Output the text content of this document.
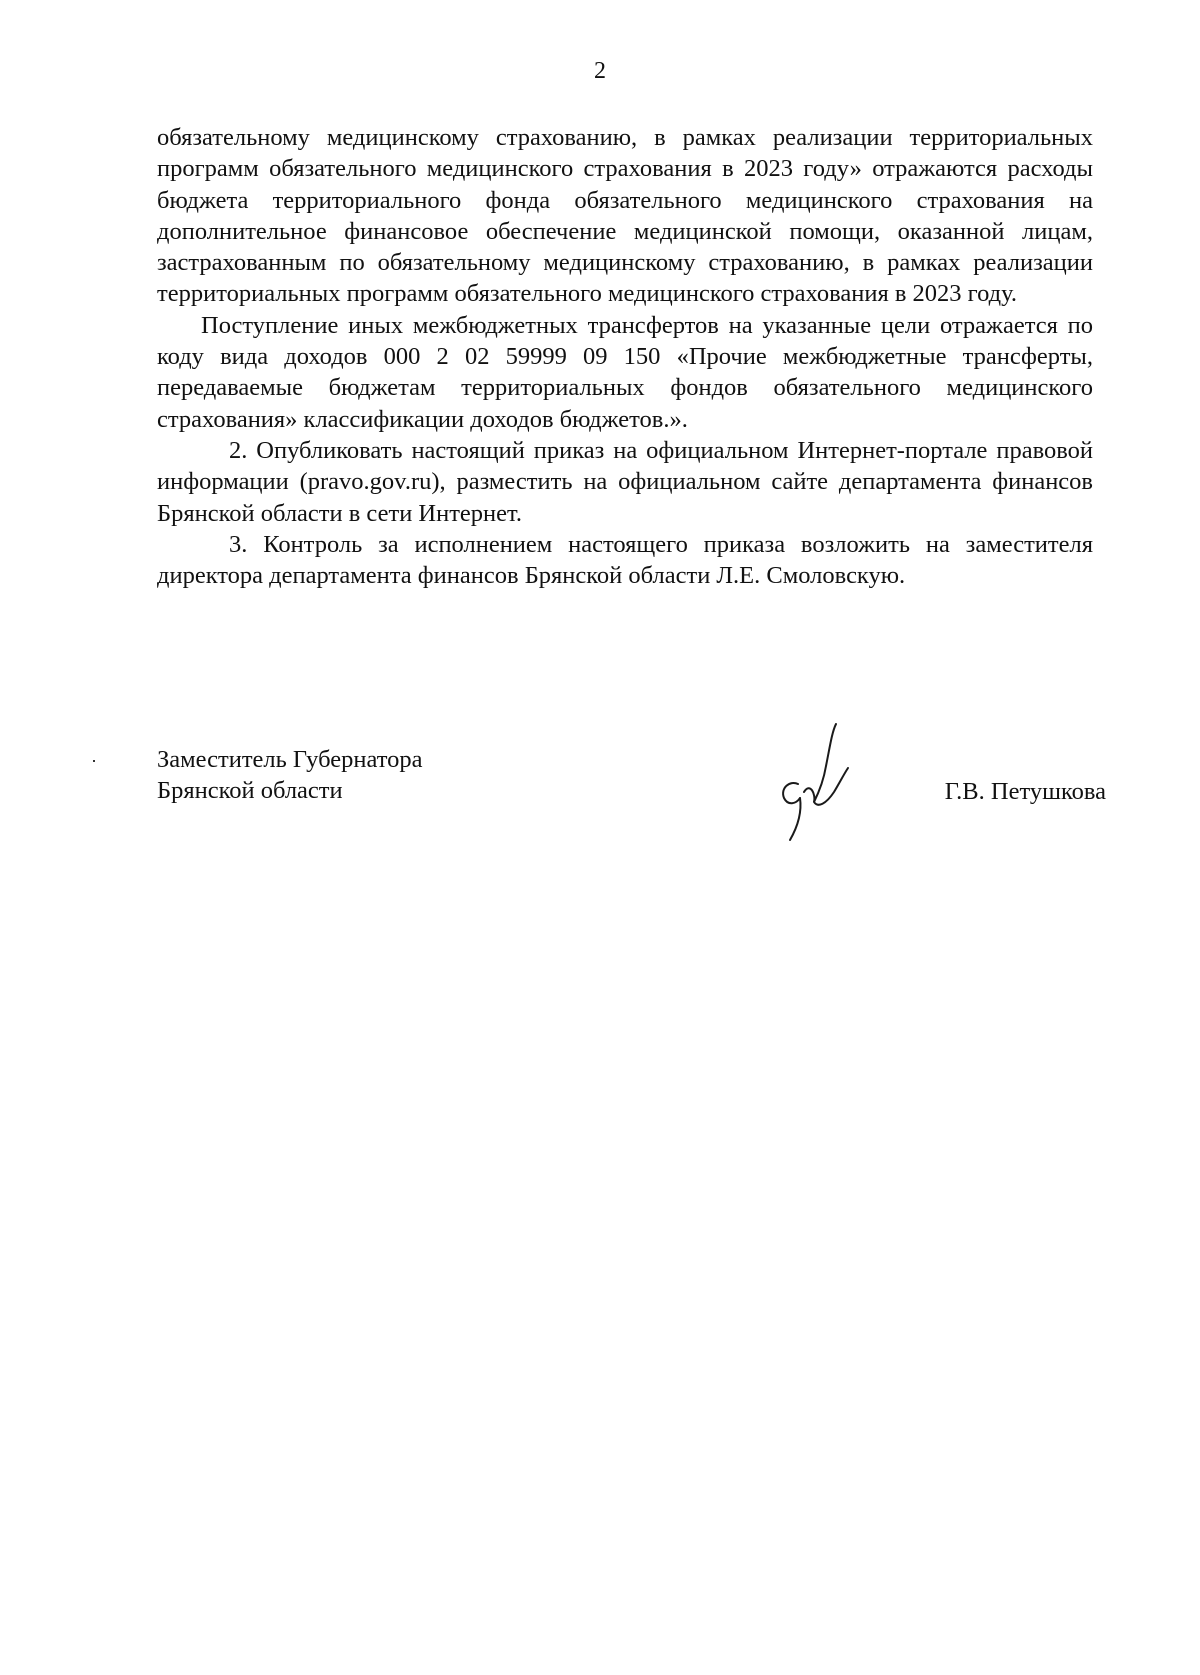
2

обязательному медицинскому страхованию, в рамках реализации территориальных программ обязательного медицинского страхования в 2023 году» отражаются расходы бюджета территориального фонда обязательного медицинского страхования на дополнительное финансовое обеспечение медицинской помощи, оказанной лицам, застрахованным по обязательному медицинскому страхованию, в рамках реализации территориальных программ обязательного медицинского страхования в 2023 году.

Поступление иных межбюджетных трансфертов на указанные цели отражается по коду вида доходов 000 2 02 59999 09 150 «Прочие межбюджетные трансферты, передаваемые бюджетам территориальных фондов обязательного медицинского страхования» классификации доходов бюджетов.».

2. Опубликовать настоящий приказ на официальном Интернет-портале правовой информации (pravo.gov.ru), разместить на официальном сайте департамента финансов Брянской области в сети Интернет.

3. Контроль за исполнением настоящего приказа возложить на заместителя директора департамента финансов Брянской области Л.Е. Смоловскую.

Заместитель Губернатора
Брянской области	Г.В. Петушкова
